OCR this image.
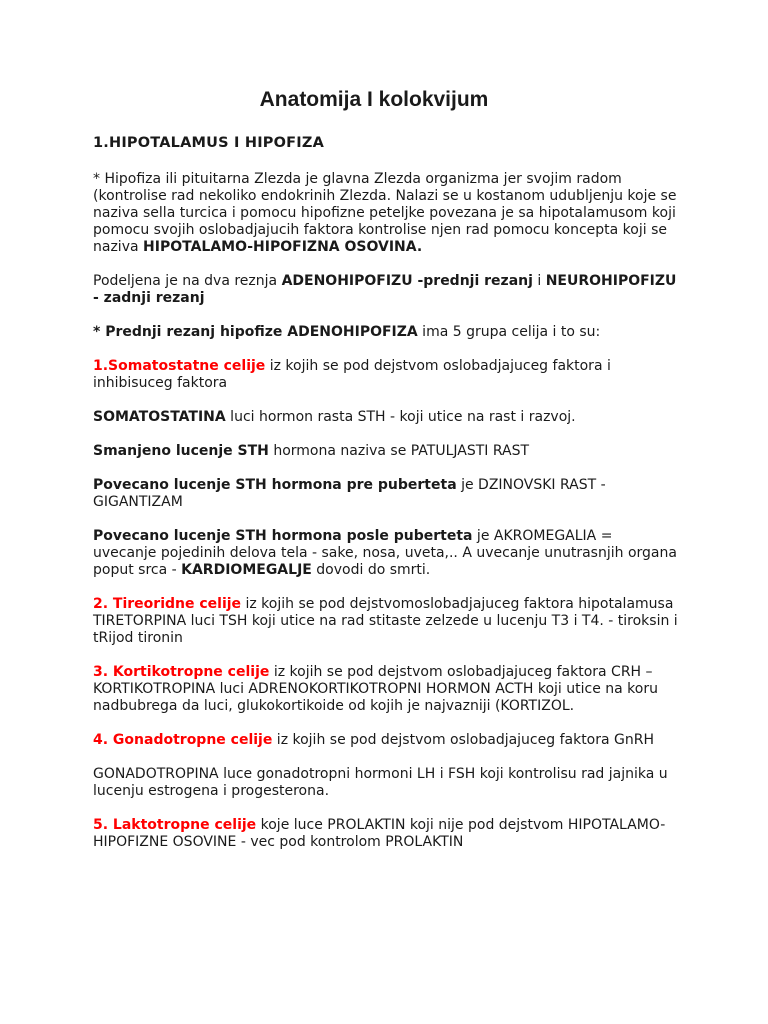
Anatomija I kolokvijum
1.HIPOTALAMUS I HIPOFIZA

* Hipofiza ili pituitarna Zlezda je glavna Zlezda organizma jer svojim radom (kontrolise rad nekoliko endokrinih Zlezda. Nalazi se u kostanom udubljenju koje se naziva sella turcica i pomocu hipofizne peteljke povezana je sa hipotalamusom koji pomocu svojih oslobadjajucih faktora kontrolise njen rad pomocu koncepta koji se naziva HIPOTALAMO-HIPOFIZNA OSOVINA.

Podeljena je na dva reznja ADENOHIPOFIZU -prednji rezanj i NEUROHIPOFIZU - zadnji rezanj

* Prednji rezanj hipofize ADENOHIPOFIZA ima 5 grupa celija i to su:

1.Somatostatne celije iz kojih se pod dejstvom oslobadjajuceg faktora i inhibisuceg faktora

SOMATOSTATINA luci hormon rasta STH - koji utice na rast i razvoj.

Smanjeno lucenje STH hormona naziva se PATULJASTI RAST

Povecano lucenje STH hormona pre puberteta je DZINOVSKI RAST - GIGANTIZAM

Povecano lucenje STH hormona posle puberteta je AKROMEGALIA = uvecanje pojedinih delova tela - sake, nosa, uveta,.. A uvecanje unutrasnjih organa poput srca - KARDIOMEGALJE dovodi do smrti.

2. Tireoridne celije iz kojih se pod dejstvomoslobadjajuceg faktora hipotalamusa TIRETORPINA luci TSH koji utice na rad stitaste zelzede u lucenju T3 i T4. - tiroksin i tRijod tironin

3. Kortikotropne celije iz kojih se pod dejstvom oslobadjajuceg faktora CRH – KORTIKOTROPINA luci ADRENOKORTIKOTROPNI HORMON ACTH koji utice na koru nadbubrega da luci, glukokortikoide od kojih je najvazniji (KORTIZOL.

4. Gonadotropne celije iz kojih se pod dejstvom oslobadjajuceg faktora GnRH

GONADOTROPINA luce gonadotropni hormoni LH i FSH koji kontrolisu rad jajnika u lucenju estrogena i progesterona.

5. Laktotropne celije koje luce PROLAKTIN koji nije pod dejstvom HIPOTALAMO-HIPOFIZNE OSOVINE - vec pod kontrolom PROLAKTIN
